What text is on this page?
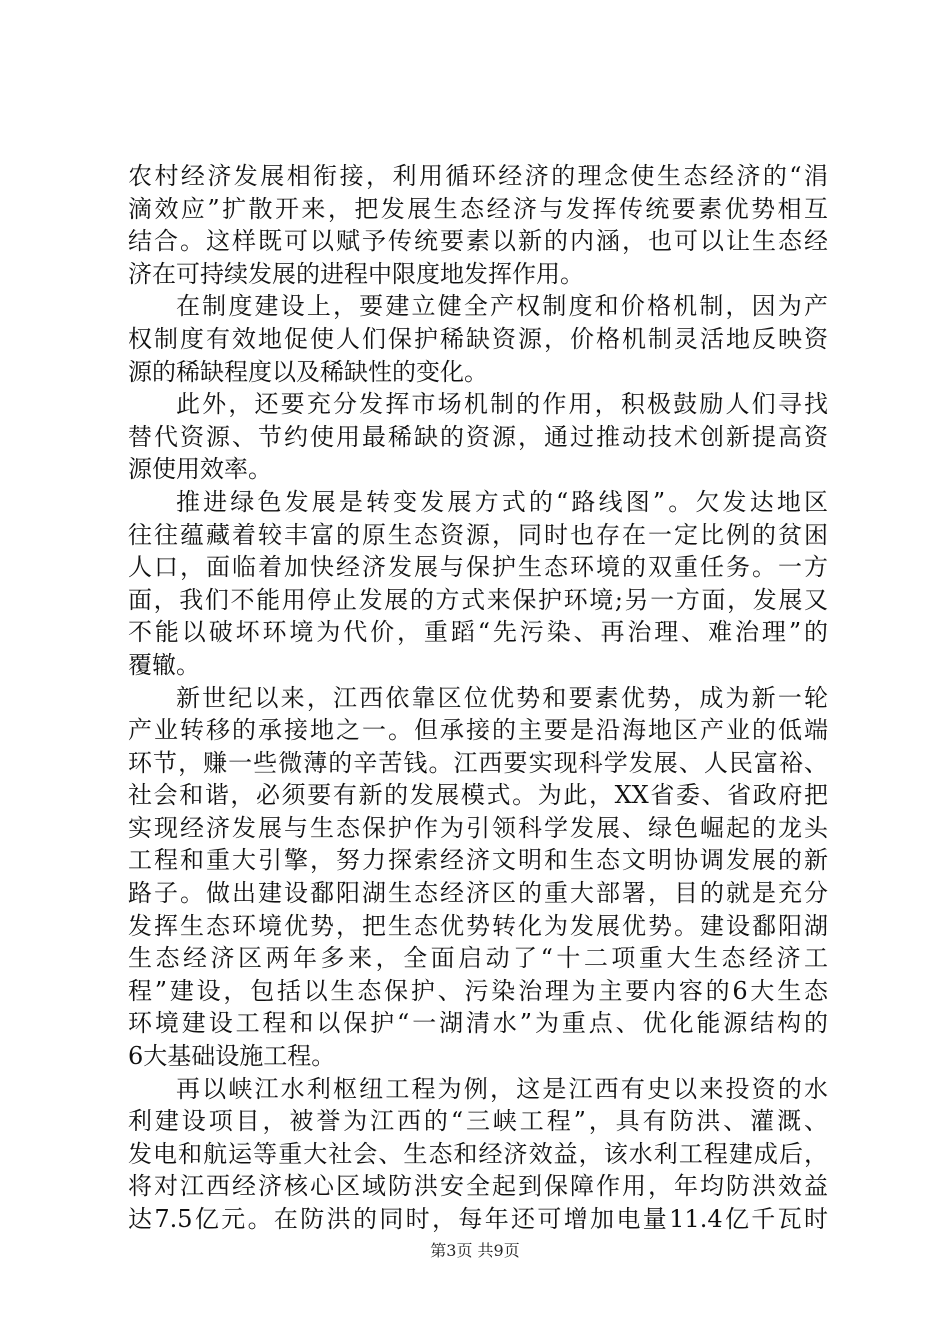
农村经济发展相衔接，利用循环经济的理念使生态经济的“涓
滴效应”扩散开来，把发展生态经济与发挥传统要素优势相互
结合。这样既可以赋予传统要素以新的内涵，也可以让生态经
济在可持续发展的进程中限度地发挥作用。
在制度建设上，要建立健全产权制度和价格机制，因为产
权制度有效地促使人们保护稀缺资源，价格机制灵活地反映资
源的稀缺程度以及稀缺性的变化。
此外，还要充分发挥市场机制的作用，积极鼓励人们寻找
替代资源、节约使用最稀缺的资源，通过推动技术创新提高资
源使用效率。
推进绿色发展是转变发展方式的“路线图”。欠发达地区
往往蕴藏着较丰富的原生态资源，同时也存在一定比例的贫困
人口，面临着加快经济发展与保护生态环境的双重任务。一方
面，我们不能用停止发展的方式来保护环境;另一方面，发展又
不能以破坏环境为代价，重蹈“先污染、再治理、难治理”的
覆辙。
新世纪以来，江西依靠区位优势和要素优势，成为新一轮
产业转移的承接地之一。但承接的主要是沿海地区产业的低端
环节，赚一些微薄的辛苦钱。江西要实现科学发展、人民富裕、
社会和谐，必须要有新的发展模式。为此，XX省委、省政府把
实现经济发展与生态保护作为引领科学发展、绿色崛起的龙头
工程和重大引擎，努力探索经济文明和生态文明协调发展的新
路子。做出建设鄱阳湖生态经济区的重大部署，目的就是充分
发挥生态环境优势，把生态优势转化为发展优势。建设鄱阳湖
生态经济区两年多来，全面启动了“十二项重大生态经济工
程”建设，包括以生态保护、污染治理为主要内容的6大生态
环境建设工程和以保护“一湖清水”为重点、优化能源结构的
6大基础设施工程。
再以峡江水利枢纽工程为例，这是江西有史以来投资的水
利建设项目，被誉为江西的“三峡工程”，具有防洪、灌溉、
发电和航运等重大社会、生态和经济效益，该水利工程建成后，
将对江西经济核心区域防洪安全起到保障作用，年均防洪效益
达7.5亿元。在防洪的同时，每年还可增加电量11.4亿千瓦时
第3页 共9页
